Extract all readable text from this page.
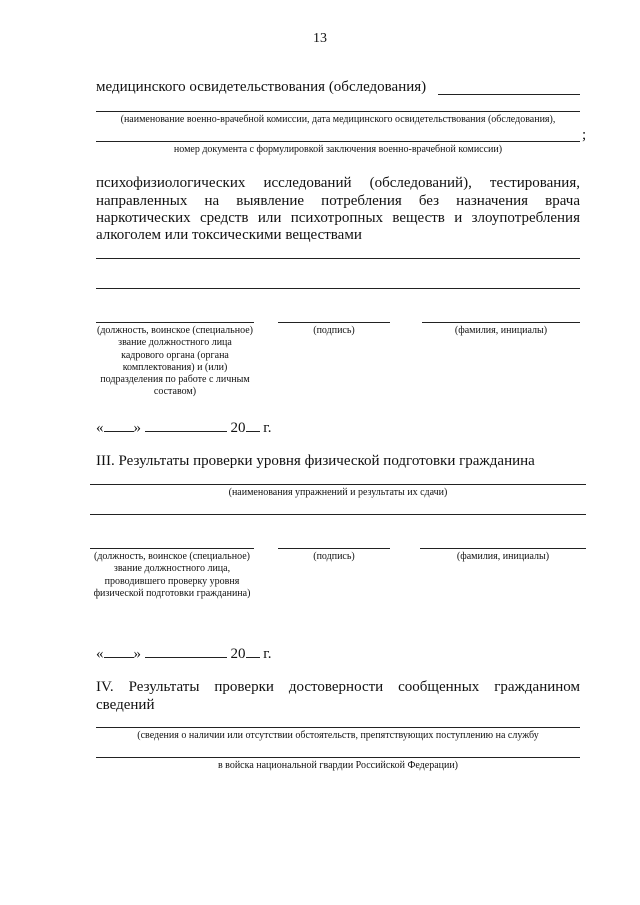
13
медицинского освидетельствования (обследования)
(наименование военно-врачебной комиссии, дата медицинского освидетельствования (обследования),
;
номер документа с формулировкой заключения военно-врачебной комиссии)
психофизиологических исследований (обследований), тестирования,
направленных на выявление потребления без назначения врача
наркотических средств или психотропных веществ и злоупотребления
алкоголем или токсическими веществами
(должность, воинское (специальное) звание должностного лица кадрового органа (органа комплектования) и (или) подразделения по работе с личным составом)
(подпись)	(фамилия, инициалы)
« »	20 г.
III. Результаты проверки уровня физической подготовки гражданина
(наименования упражнений и результаты их сдачи)
(должность, воинское (специальное) звание должностного лица, проводившего проверку уровня физической подготовки гражданина)
(подпись)	(фамилия, инициалы)
« »	20 г.
IV. Результаты проверки достоверности сообщенных гражданином
сведений
(сведения о наличии или отсутствии обстоятельств, препятствующих поступлению на службу
в войска национальной гвардии Российской Федерации)
